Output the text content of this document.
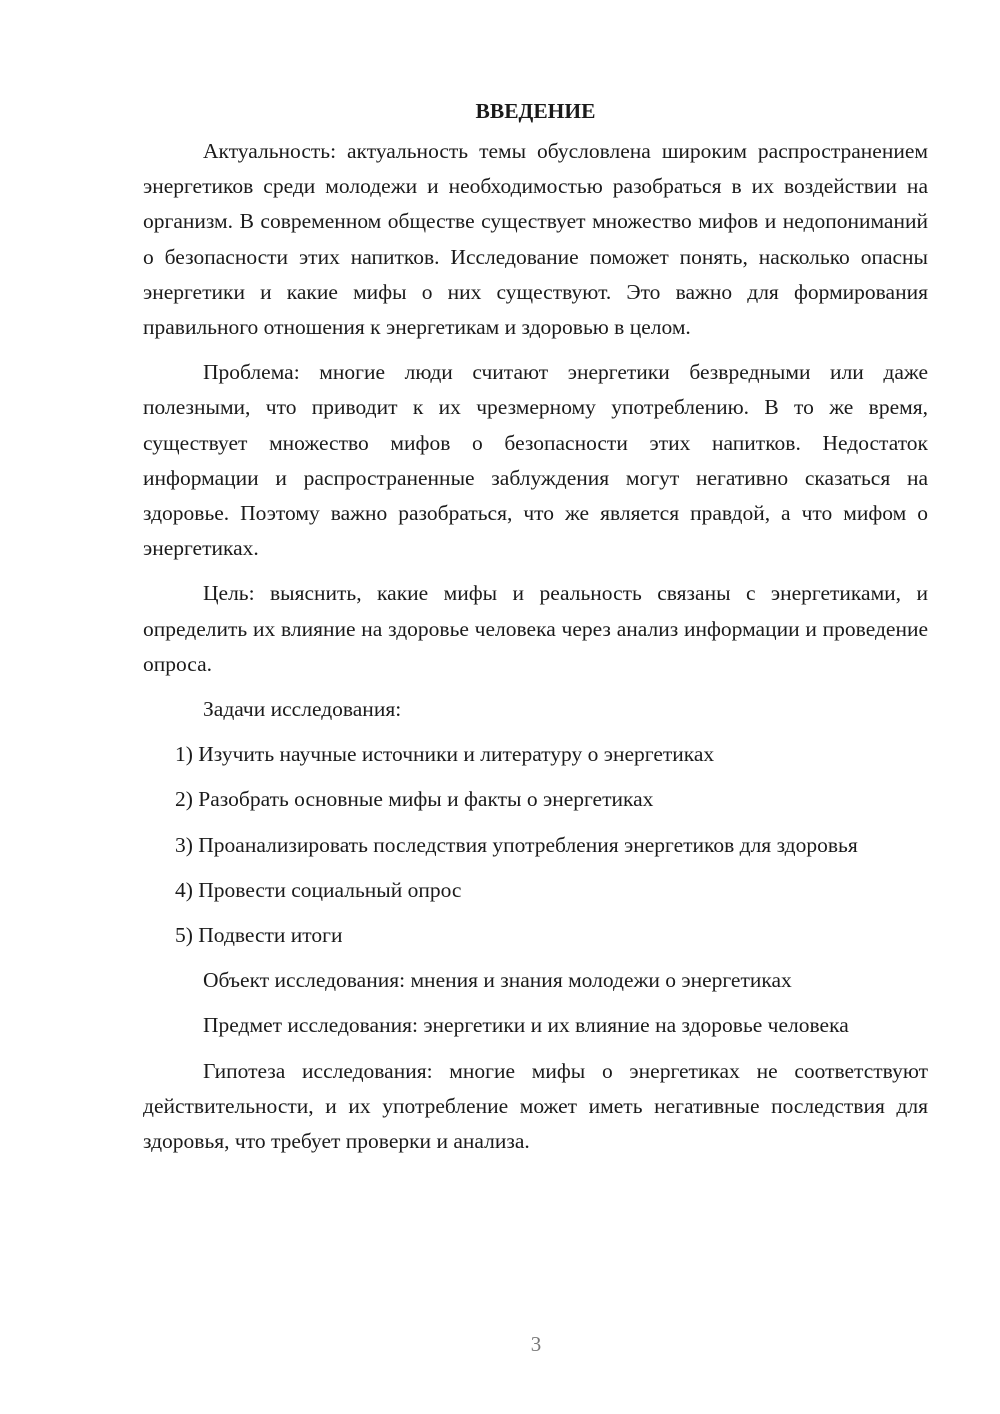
ВВЕДЕНИЕ

Актуальность: актуальность темы обусловлена широким распространением энергетиков среди молодежи и необходимостью разобраться в их воздействии на организм. В современном обществе существует множество мифов и недопониманий о безопасности этих напитков. Исследование поможет понять, насколько опасны энергетики и какие мифы о них существуют. Это важно для формирования правильного отношения к энергетикам и здоровью в целом.

Проблема: многие люди считают энергетики безвредными или даже полезными, что приводит к их чрезмерному употреблению. В то же время, существует множество мифов о безопасности этих напитков. Недостаток информации и распространенные заблуждения могут негативно сказаться на здоровье. Поэтому важно разобраться, что же является правдой, а что мифом о энергетиках.

Цель: выяснить, какие мифы и реальность связаны с энергетиками, и определить их влияние на здоровье человека через анализ информации и проведение опроса.

Задачи исследования:

1) Изучить научные источники и литературу о энергетиках

2) Разобрать основные мифы и факты о энергетиках

3) Проанализировать последствия употребления энергетиков для здоровья

4) Провести социальный опрос

5) Подвести итоги

Объект исследования: мнения и знания молодежи о энергетиках

Предмет исследования: энергетики и их влияние на здоровье человека

Гипотеза исследования: многие мифы о энергетиках не соответствуют действительности, и их употребление может иметь негативные последствия для здоровья, что требует проверки и анализа.

3
